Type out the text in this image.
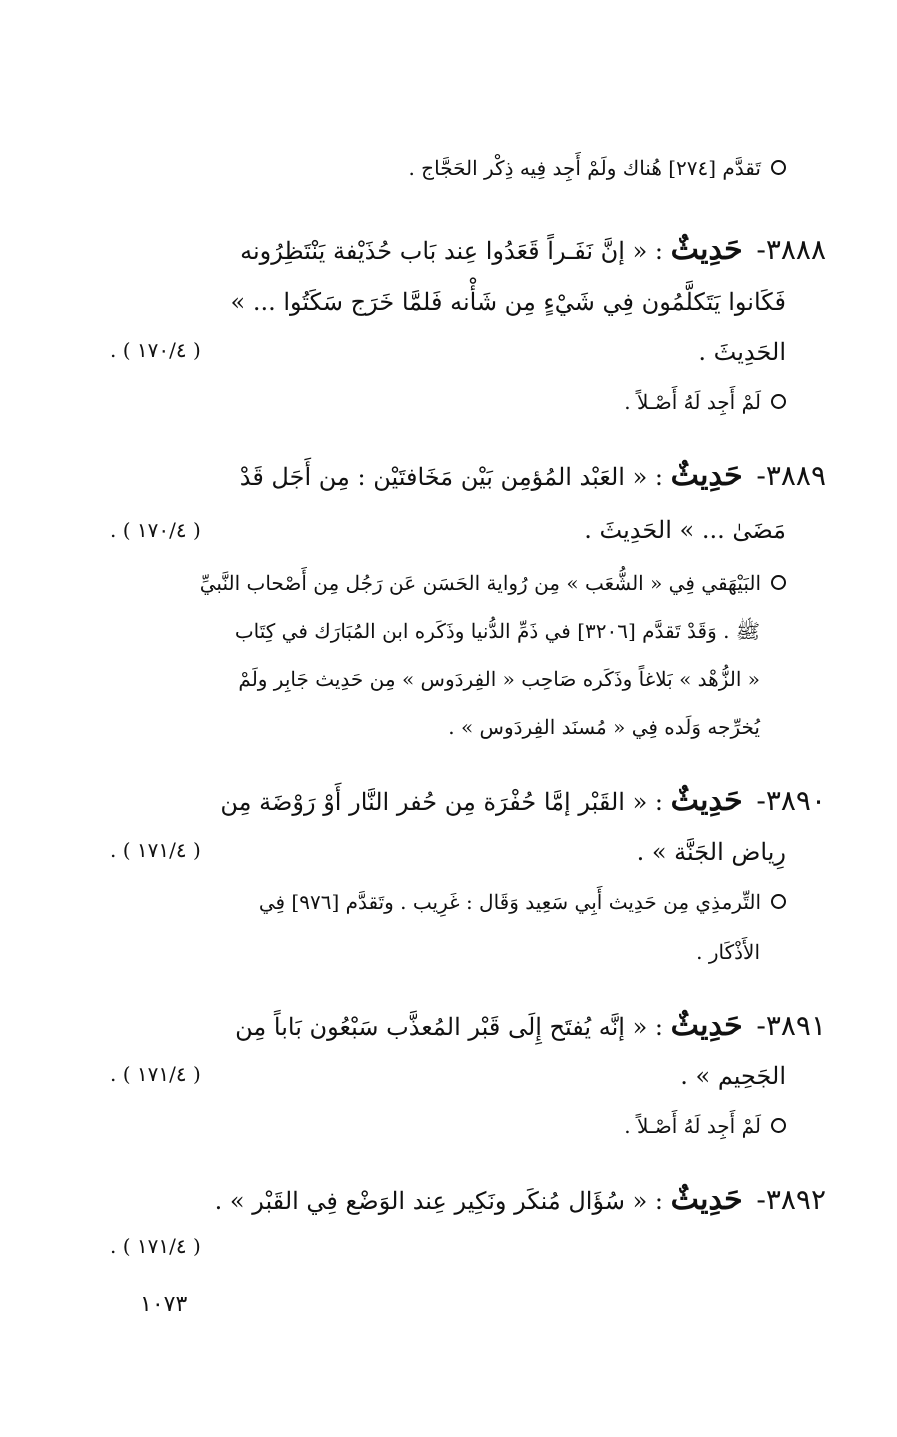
تَقدَّم [٢٧٤] هُناك ولَمْ أَجِد فِيه ذِكْر الحَجَّاج .
٣٨٨٨- حَدِيثٌ : « إنَّ نَفَـراً قَعَدُوا عِند بَاب حُذَيْفة يَنْتَظِرُونه
فَكَانوا يَتَكلَّمُون فِي شَيْءٍ مِن شَأْنه فَلمَّا خَرَج سَكَتُوا ... »
الحَدِيثَ .
( ١٧٠/٤ ) .
لَمْ أَجِد لَهُ أَصْـلاً .
٣٨٨٩- حَدِيثٌ : « العَبْد المُؤمِن بَيْن مَخَافتَيْن : مِن أَجَل قَدْ
مَضَىٰ ... » الحَدِيثَ .
( ١٧٠/٤ ) .
البَيْهَقي فِي « الشُّعَب » مِن رُواية الحَسَن عَن رَجُل مِن أَصْحاب النَّبيِّ
ﷺ . وَقَدْ تَقدَّم [٣٢٠٦] في ذَمِّ الدُّنيا وذَكَره ابن المُبَارَك في كِتَاب
« الزُّهْد » بَلاغاً وذَكَره صَاحِب « الفِردَوس » مِن حَدِيث جَابِر ولَمْ
يُخرِّجه وَلَده فِي « مُسنَد الفِردَوس » .
٣٨٩٠- حَدِيثٌ : « القَبْر إمَّا حُفْرَة مِن حُفر النَّار أَوْ رَوْضَة مِن
رِياض الجَنَّة » .
( ١٧١/٤ ) .
التِّرمذِي مِن حَدِيث أَبِي سَعِيد وَقَال : غَرِيب . وتَقدَّم [٩٧٦] فِي
الأَذْكَار .
٣٨٩١- حَدِيثٌ : « إنَّه يُفتَح إِلَى قَبْر المُعذَّب سَبْعُون بَاباً مِن
الجَحِيم » .
( ١٧١/٤ ) .
لَمْ أَجِد لَهُ أَصْـلاً .
٣٨٩٢- حَدِيثٌ : « سُؤَال مُنكَر ونَكِير عِند الوَضْع فِي القَبْر » .
( ١٧١/٤ ) .
١٠٧٣
